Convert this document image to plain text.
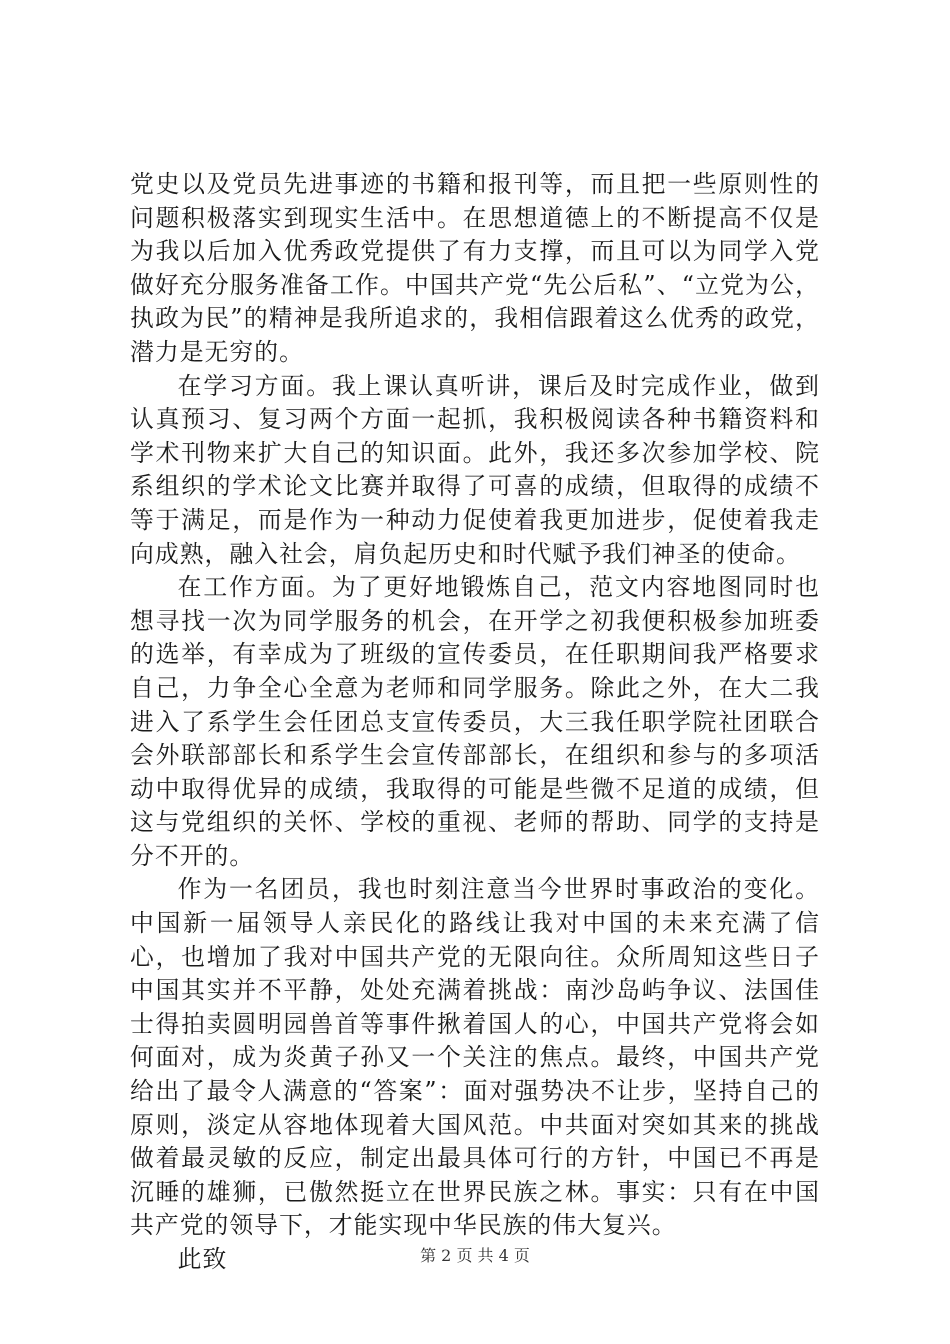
党史以及党员先进事迹的书籍和报刊等，而且把一些原则性的问题积极落实到现实生活中。在思想道德上的不断提高不仅是为我以后加入优秀政党提供了有力支撑，而且可以为同学入党做好充分服务准备工作。中国共产党“先公后私”、“立党为公，执政为民”的精神是我所追求的，我相信跟着这么优秀的政党，潜力是无穷的。

在学习方面。我上课认真听讲，课后及时完成作业，做到认真预习、复习两个方面一起抓，我积极阅读各种书籍资料和学术刊物来扩大自己的知识面。此外，我还多次参加学校、院系组织的学术论文比赛并取得了可喜的成绩，但取得的成绩不等于满足，而是作为一种动力促使着我更加进步，促使着我走向成熟，融入社会，肩负起历史和时代赋予我们神圣的使命。

在工作方面。为了更好地锻炼自己，范文内容地图同时也想寻找一次为同学服务的机会，在开学之初我便积极参加班委的选举，有幸成为了班级的宣传委员，在任职期间我严格要求自己，力争全心全意为老师和同学服务。除此之外，在大二我进入了系学生会任团总支宣传委员，大三我任职学院社团联合会外联部部长和系学生会宣传部部长，在组织和参与的多项活动中取得优异的成绩，我取得的可能是些微不足道的成绩，但这与党组织的关怀、学校的重视、老师的帮助、同学的支持是分不开的。

作为一名团员，我也时刻注意当今世界时事政治的变化。中国新一届领导人亲民化的路线让我对中国的未来充满了信心，也增加了我对中国共产党的无限向往。众所周知这些日子中国其实并不平静，处处充满着挑战：南沙岛屿争议、法国佳士得拍卖圆明园兽首等事件揪着国人的心，中国共产党将会如何面对，成为炎黄子孙又一个关注的焦点。最终，中国共产党给出了最令人满意的“答案”：面对强势决不让步，坚持自己的原则，淡定从容地体现着大国风范。中共面对突如其来的挑战做着最灵敏的反应，制定出最具体可行的方针，中国已不再是沉睡的雄狮，已傲然挺立在世界民族之林。事实：只有在中国共产党的领导下，才能实现中华民族的伟大复兴。

此致	第 2 页 共 4 页
